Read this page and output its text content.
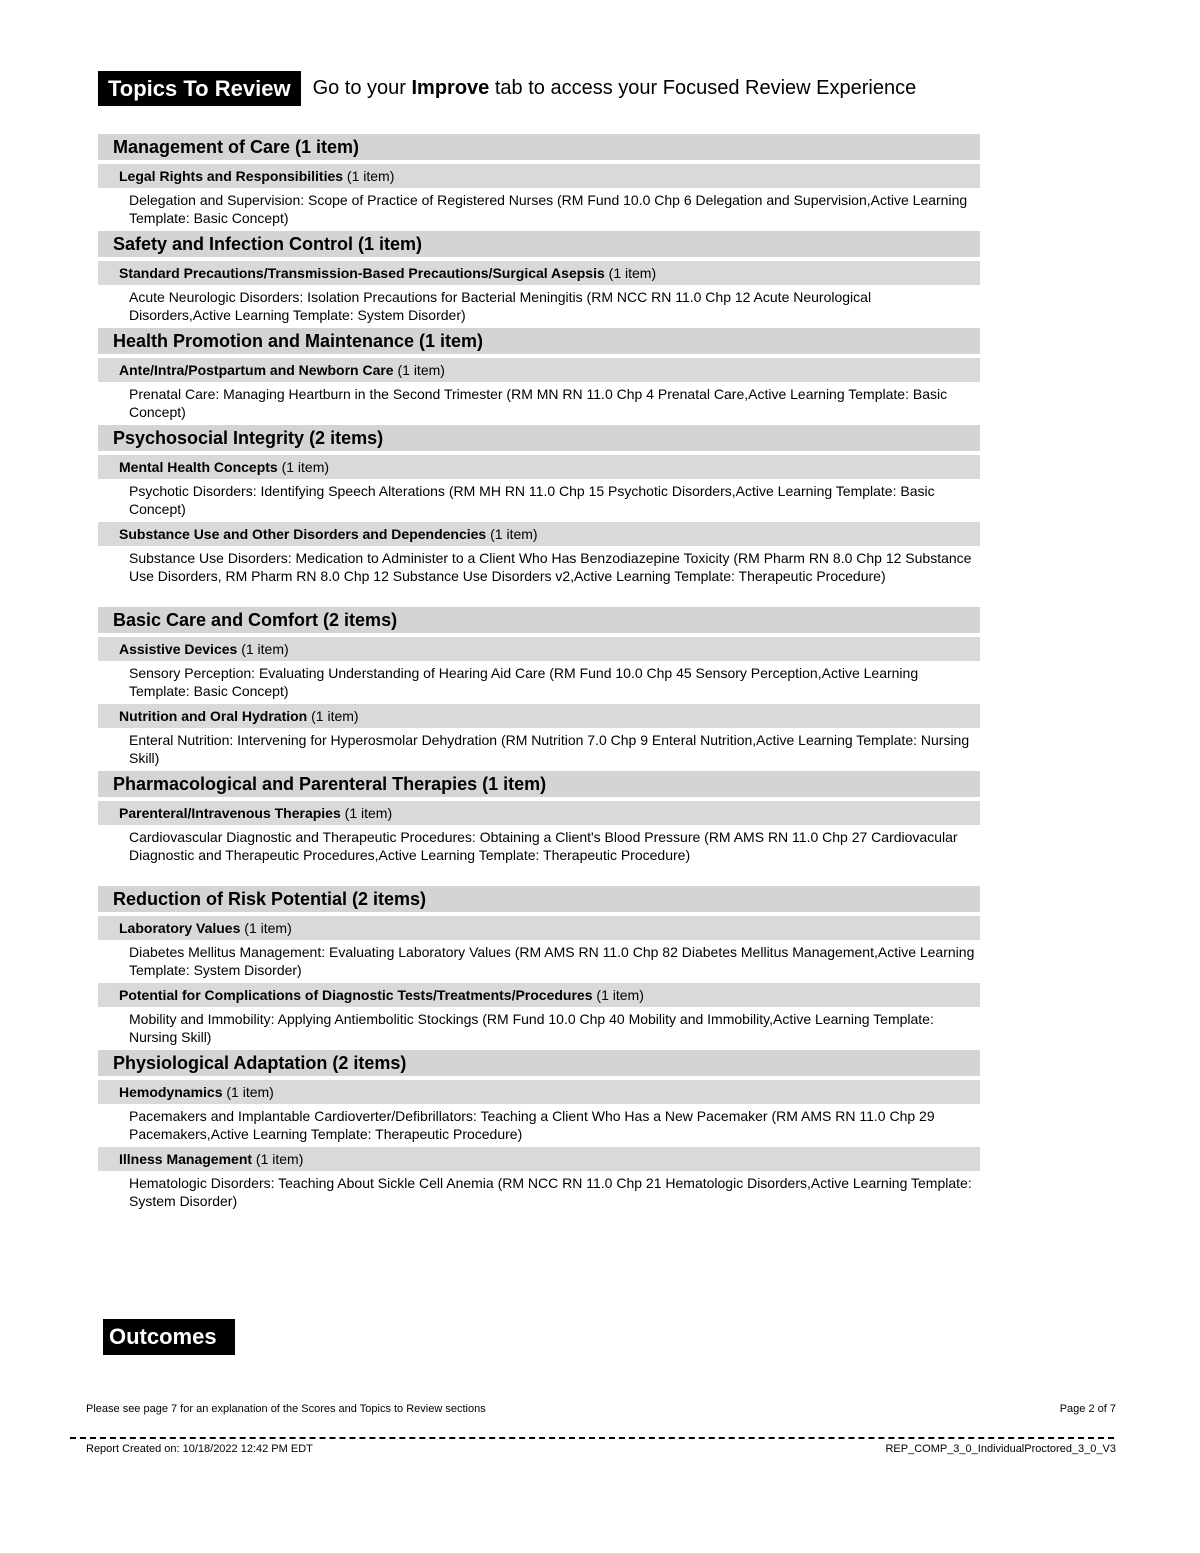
Topics To Review	Go to your Improve tab to access your Focused Review Experience
Management of Care (1 item)
Legal Rights and Responsibilities (1 item)
Delegation and Supervision: Scope of Practice of Registered Nurses (RM Fund 10.0 Chp 6 Delegation and Supervision,Active Learning Template: Basic Concept)
Safety and Infection Control (1 item)
Standard Precautions/Transmission-Based Precautions/Surgical Asepsis (1 item)
Acute Neurologic Disorders: Isolation Precautions for Bacterial Meningitis (RM NCC RN 11.0 Chp 12 Acute Neurological Disorders,Active Learning Template: System Disorder)
Health Promotion and Maintenance (1 item)
Ante/Intra/Postpartum and Newborn Care (1 item)
Prenatal Care: Managing Heartburn in the Second Trimester (RM MN RN 11.0 Chp 4 Prenatal Care,Active Learning Template: Basic Concept)
Psychosocial Integrity (2 items)
Mental Health Concepts (1 item)
Psychotic Disorders: Identifying Speech Alterations (RM MH RN 11.0 Chp 15 Psychotic Disorders,Active Learning Template: Basic Concept)
Substance Use and Other Disorders and Dependencies (1 item)
Substance Use Disorders: Medication to Administer to a Client Who Has Benzodiazepine Toxicity (RM Pharm RN 8.0 Chp 12 Substance Use Disorders, RM Pharm RN 8.0 Chp 12 Substance Use Disorders v2,Active Learning Template: Therapeutic Procedure)
Basic Care and Comfort (2 items)
Assistive Devices (1 item)
Sensory Perception: Evaluating Understanding of Hearing Aid Care (RM Fund 10.0 Chp 45 Sensory Perception,Active Learning Template: Basic Concept)
Nutrition and Oral Hydration (1 item)
Enteral Nutrition: Intervening for Hyperosmolar Dehydration (RM Nutrition 7.0 Chp 9 Enteral Nutrition,Active Learning Template: Nursing Skill)
Pharmacological and Parenteral Therapies (1 item)
Parenteral/Intravenous Therapies (1 item)
Cardiovascular Diagnostic and Therapeutic Procedures: Obtaining a Client's Blood Pressure (RM AMS RN 11.0 Chp 27 Cardiovacular Diagnostic and Therapeutic Procedures,Active Learning Template: Therapeutic Procedure)
Reduction of Risk Potential (2 items)
Laboratory Values (1 item)
Diabetes Mellitus Management: Evaluating Laboratory Values (RM AMS RN 11.0 Chp 82 Diabetes Mellitus Management,Active Learning Template: System Disorder)
Potential for Complications of Diagnostic Tests/Treatments/Procedures (1 item)
Mobility and Immobility: Applying Antiembolitic Stockings (RM Fund 10.0 Chp 40 Mobility and Immobility,Active Learning Template: Nursing Skill)
Physiological Adaptation (2 items)
Hemodynamics (1 item)
Pacemakers and Implantable Cardioverter/Defibrillators: Teaching a Client Who Has a New Pacemaker (RM AMS RN 11.0 Chp 29 Pacemakers,Active Learning Template: Therapeutic Procedure)
Illness Management (1 item)
Hematologic Disorders: Teaching About Sickle Cell Anemia (RM NCC RN 11.0 Chp 21 Hematologic Disorders,Active Learning Template: System Disorder)
Outcomes
Please see page 7 for an explanation of the Scores and Topics to Review sections	Page 2 of 7
Report Created on: 10/18/2022 12:42 PM EDT	REP_COMP_3_0_IndividualProctored_3_0_V3
